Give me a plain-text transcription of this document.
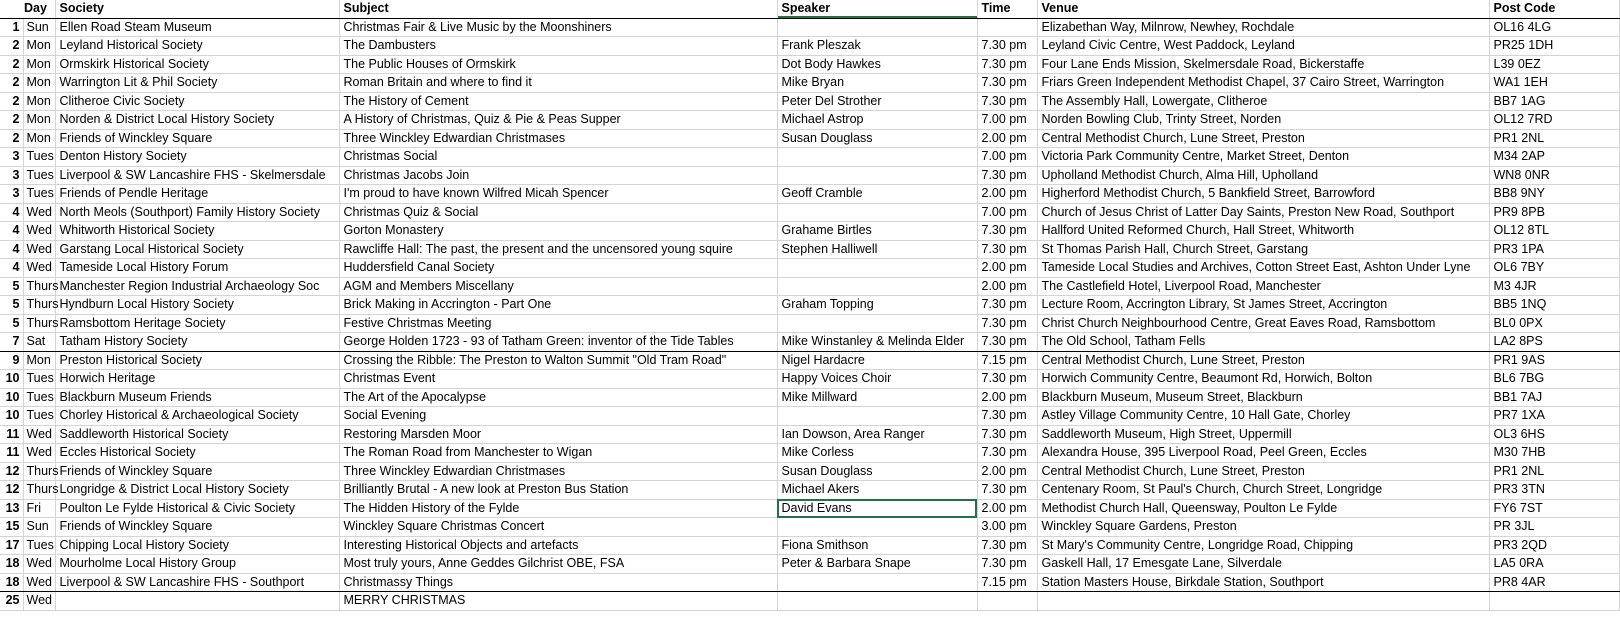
Day		Society	Subject	Speaker	Time	Venue	Post Code
1	Sun	Ellen Road Steam Museum	Christmas Fair & Live Music by the Moonshiners			Elizabethan Way, Milnrow, Newhey, Rochdale	OL16 4LG
2	Mon	Leyland Historical Society	The Dambusters	Frank Pleszak	7.30 pm	Leyland Civic Centre, West Paddock, Leyland	PR25 1DH
2	Mon	Ormskirk Historical Society	The Public Houses of Ormskirk	Dot Body Hawkes	7.30 pm	Four Lane Ends Mission, Skelmersdale Road, Bickerstaffe	L39 0EZ
2	Mon	Warrington Lit & Phil Society	Roman Britain and where to find it	Mike Bryan	7.30 pm	Friars Green Independent Methodist Chapel, 37 Cairo Street, Warrington	WA1 1EH
2	Mon	Clitheroe Civic Society	The History of Cement	Peter Del Strother	7.30 pm	The Assembly Hall, Lowergate, Clitheroe	BB7 1AG
2	Mon	Norden & District Local History Society	A History of Christmas, Quiz & Pie & Peas Supper	Michael Astrop	7.00 pm	Norden Bowling Club, Trinty Street, Norden	OL12 7RD
2	Mon	Friends of Winckley Square	Three Winckley Edwardian Christmases	Susan Douglass	2.00 pm	Central Methodist Church, Lune Street, Preston	PR1 2NL
3	Tues	Denton History Society	Christmas Social		7.00 pm	Victoria Park Community Centre, Market Street, Denton	M34 2AP
3	Tues	Liverpool & SW Lancashire FHS - Skelmersdale	Christmas Jacobs Join		7.30 pm	Upholland Methodist Church, Alma Hill, Upholland	WN8 0NR
3	Tues	Friends of Pendle Heritage	I'm proud to have known Wilfred Micah Spencer	Geoff Cramble	2.00 pm	Higherford Methodist Church, 5 Bankfield Street, Barrowford	BB8 9NY
4	Wed	North Meols (Southport) Family History Society	Christmas Quiz & Social		7.00 pm	Church of Jesus Christ of Latter Day Saints, Preston New Road, Southport	PR9 8PB
4	Wed	Whitworth Historical Society	Gorton Monastery	Grahame Birtles	7.30 pm	Hallford United Reformed Church, Hall Street, Whitworth	OL12 8TL
4	Wed	Garstang Local Historical Society	Rawcliffe Hall: The past, the present and the uncensored young squire	Stephen Halliwell	7.30 pm	St Thomas Parish Hall, Church Street, Garstang	PR3 1PA
4	Wed	Tameside Local History Forum	Huddersfield Canal Society		2.00 pm	Tameside Local Studies and Archives, Cotton Street East, Ashton Under Lyne	OL6 7BY
5	Thurs	Manchester Region Industrial Archaeology Soc	AGM and Members Miscellany		2.00 pm	The Castlefield Hotel, Liverpool Road, Manchester	M3 4JR
5	Thurs	Hyndburn Local History Society	Brick Making in Accrington - Part One	Graham Topping	7.30 pm	Lecture Room, Accrington Library, St James Street, Accrington	BB5 1NQ
5	Thurs	Ramsbottom Heritage Society	Festive Christmas Meeting		7.30 pm	Christ Church Neighbourhood Centre, Great Eaves Road, Ramsbottom	BL0 0PX
7	Sat	Tatham History Society	George Holden 1723 - 93 of Tatham Green: inventor of the Tide Tables	Mike Winstanley & Melinda Elder	7.30 pm	The Old School, Tatham Fells	LA2 8PS
9	Mon	Preston Historical Society	Crossing the Ribble: The Preston to Walton Summit "Old Tram Road"	Nigel Hardacre	7.15 pm	Central Methodist Church, Lune Street, Preston	PR1 9AS
10	Tues	Horwich Heritage	Christmas Event	Happy Voices Choir	7.30 pm	Horwich Community Centre, Beaumont Rd, Horwich, Bolton	BL6 7BG
10	Tues	Blackburn Museum Friends	The Art of the Apocalypse	Mike Millward	2.00 pm	Blackburn Museum, Museum Street, Blackburn	BB1 7AJ
10	Tues	Chorley Historical & Archaeological Society	Social Evening		7.30 pm	Astley Village Community Centre, 10 Hall Gate, Chorley	PR7 1XA
11	Wed	Saddleworth Historical Society	Restoring Marsden Moor	Ian Dowson, Area Ranger	7.30 pm	Saddleworth Museum, High Street, Uppermill	OL3 6HS
11	Wed	Eccles Historical Society	The Roman Road from Manchester to Wigan	Mike Corless	7.30 pm	Alexandra House, 395 Liverpool Road, Peel Green, Eccles	M30 7HB
12	Thurs	Friends of Winckley Square	Three Winckley Edwardian Christmases	Susan Douglass	2.00 pm	Central Methodist Church, Lune Street, Preston	PR1 2NL
12	Thurs	Longridge & District Local History Society	Brilliantly Brutal - A new look at Preston Bus Station	Michael Akers	7.30 pm	Centenary Room, St Paul's Church, Church Street, Longridge	PR3 3TN
13	Fri	Poulton Le Fylde Historical & Civic Society	The Hidden History of the Fylde	David Evans	2.00 pm	Methodist Church Hall, Queensway, Poulton Le Fylde	FY6 7ST
15	Sun	Friends of Winckley Square	Winckley Square Christmas Concert		3.00 pm	Winckley Square Gardens, Preston	PR 3JL
17	Tues	Chipping Local History Society	Interesting Historical Objects and artefacts	Fiona Smithson	7.30 pm	St Mary's Community Centre, Longridge Road, Chipping	PR3 2QD
18	Wed	Mourholme Local History Group	Most truly yours, Anne Geddes Gilchrist OBE, FSA	Peter & Barbara Snape	7.30 pm	Gaskell Hall, 17 Emesgate Lane, Silverdale	LA5 0RA
18	Wed	Liverpool & SW Lancashire FHS - Southport	Christmassy Things		7.15 pm	Station Masters House, Birkdale Station, Southport	PR8 4AR
25	Wed		MERRY CHRISTMAS				
